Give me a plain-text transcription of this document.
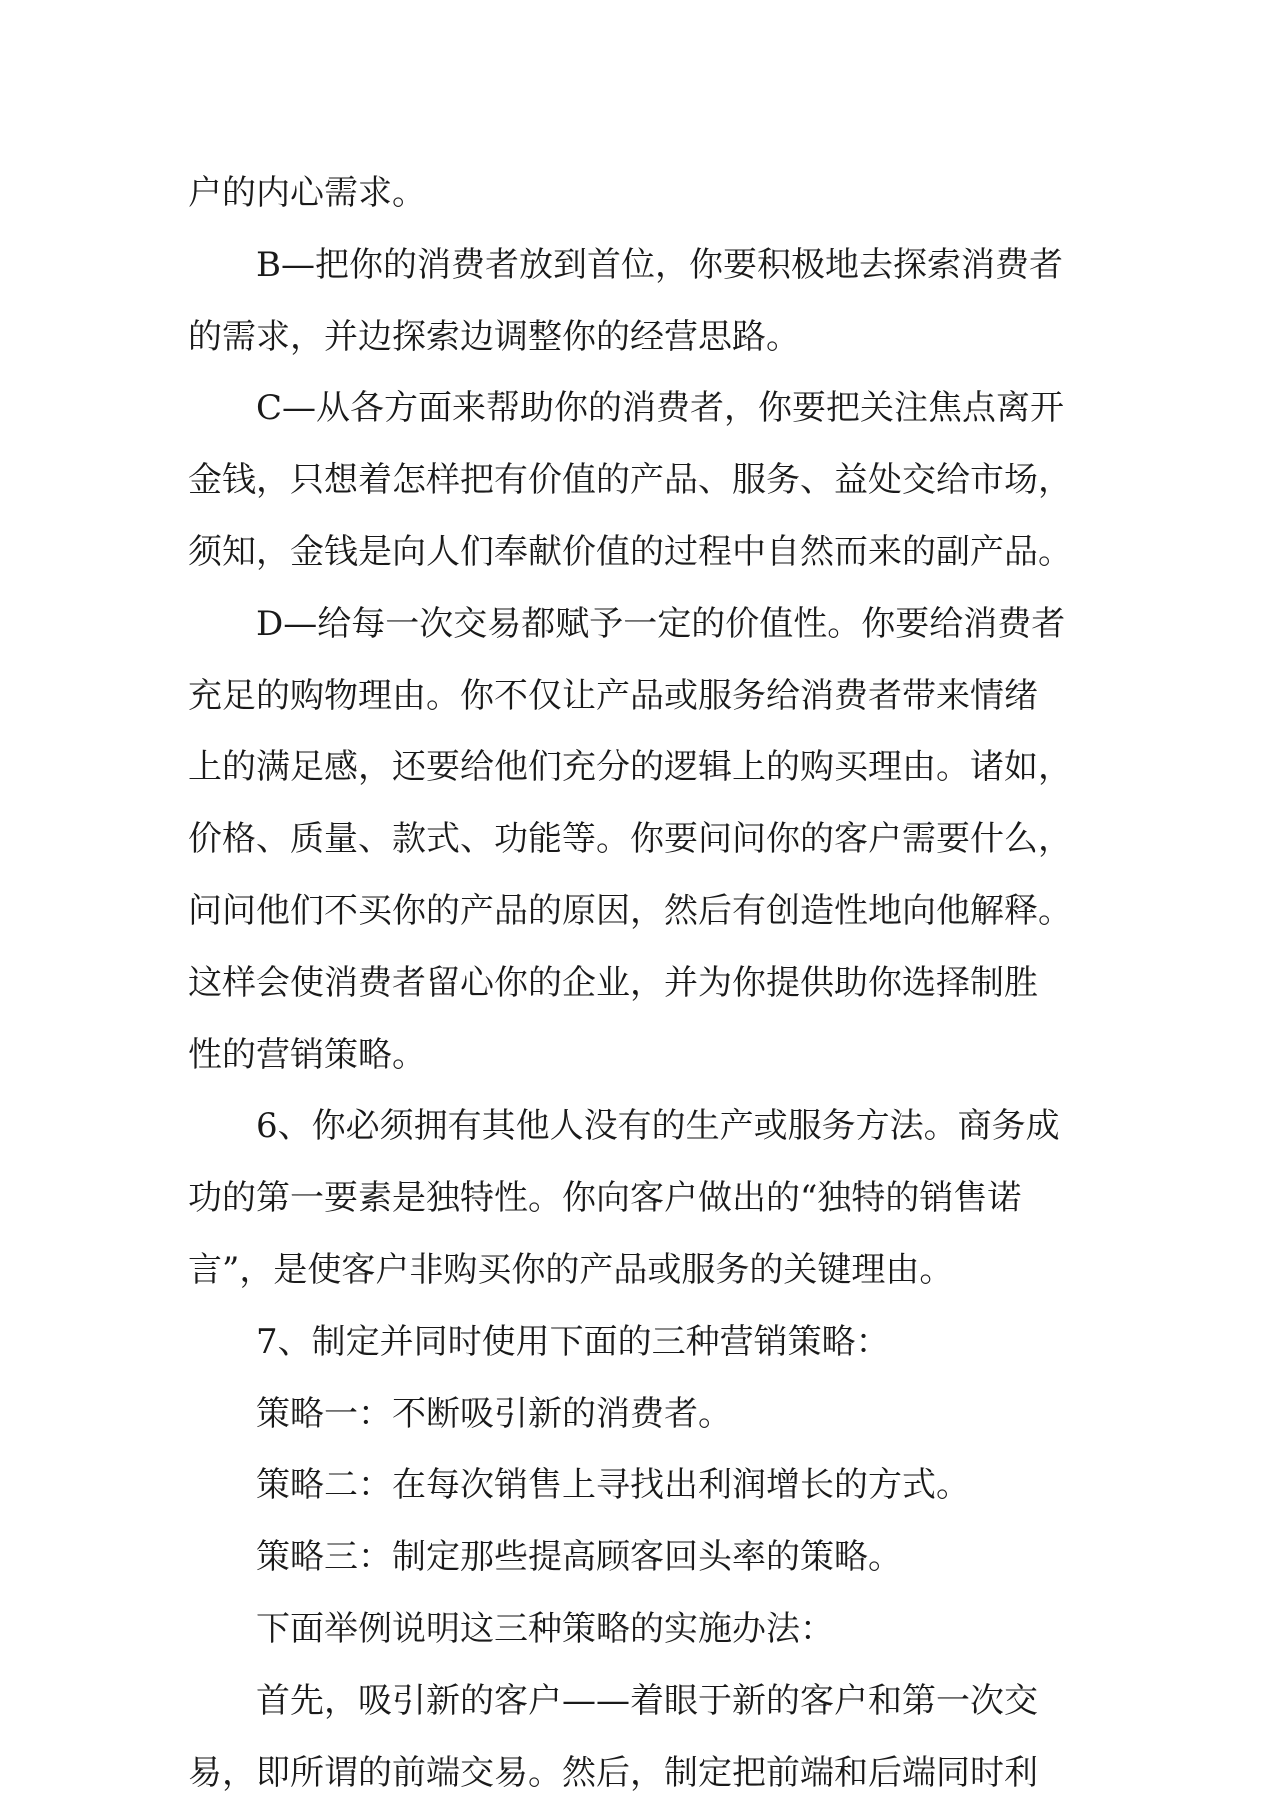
户的内心需求。
B—把你的消费者放到首位，你要积极地去探索消费者
的需求，并边探索边调整你的经营思路。
C—从各方面来帮助你的消费者，你要把关注焦点离开
金钱，只想着怎样把有价值的产品、服务、益处交给市场，
须知，金钱是向人们奉献价值的过程中自然而来的副产品。
D—给每一次交易都赋予一定的价值性。你要给消费者
充足的购物理由。你不仅让产品或服务给消费者带来情绪
上的满足感，还要给他们充分的逻辑上的购买理由。诸如，
价格、质量、款式、功能等。你要问问你的客户需要什么，
问问他们不买你的产品的原因，然后有创造性地向他解释。
这样会使消费者留心你的企业，并为你提供助你选择制胜
性的营销策略。
6、你必须拥有其他人没有的生产或服务方法。商务成
功的第一要素是独特性。你向客户做出的“独特的销售诺
言”，是使客户非购买你的产品或服务的关键理由。
7、制定并同时使用下面的三种营销策略：
策略一：不断吸引新的消费者。
策略二：在每次销售上寻找出利润增长的方式。
策略三：制定那些提高顾客回头率的策略。
下面举例说明这三种策略的实施办法：
首先，吸引新的客户——着眼于新的客户和第一次交
易，即所谓的前端交易。然后，制定把前端和后端同时利
